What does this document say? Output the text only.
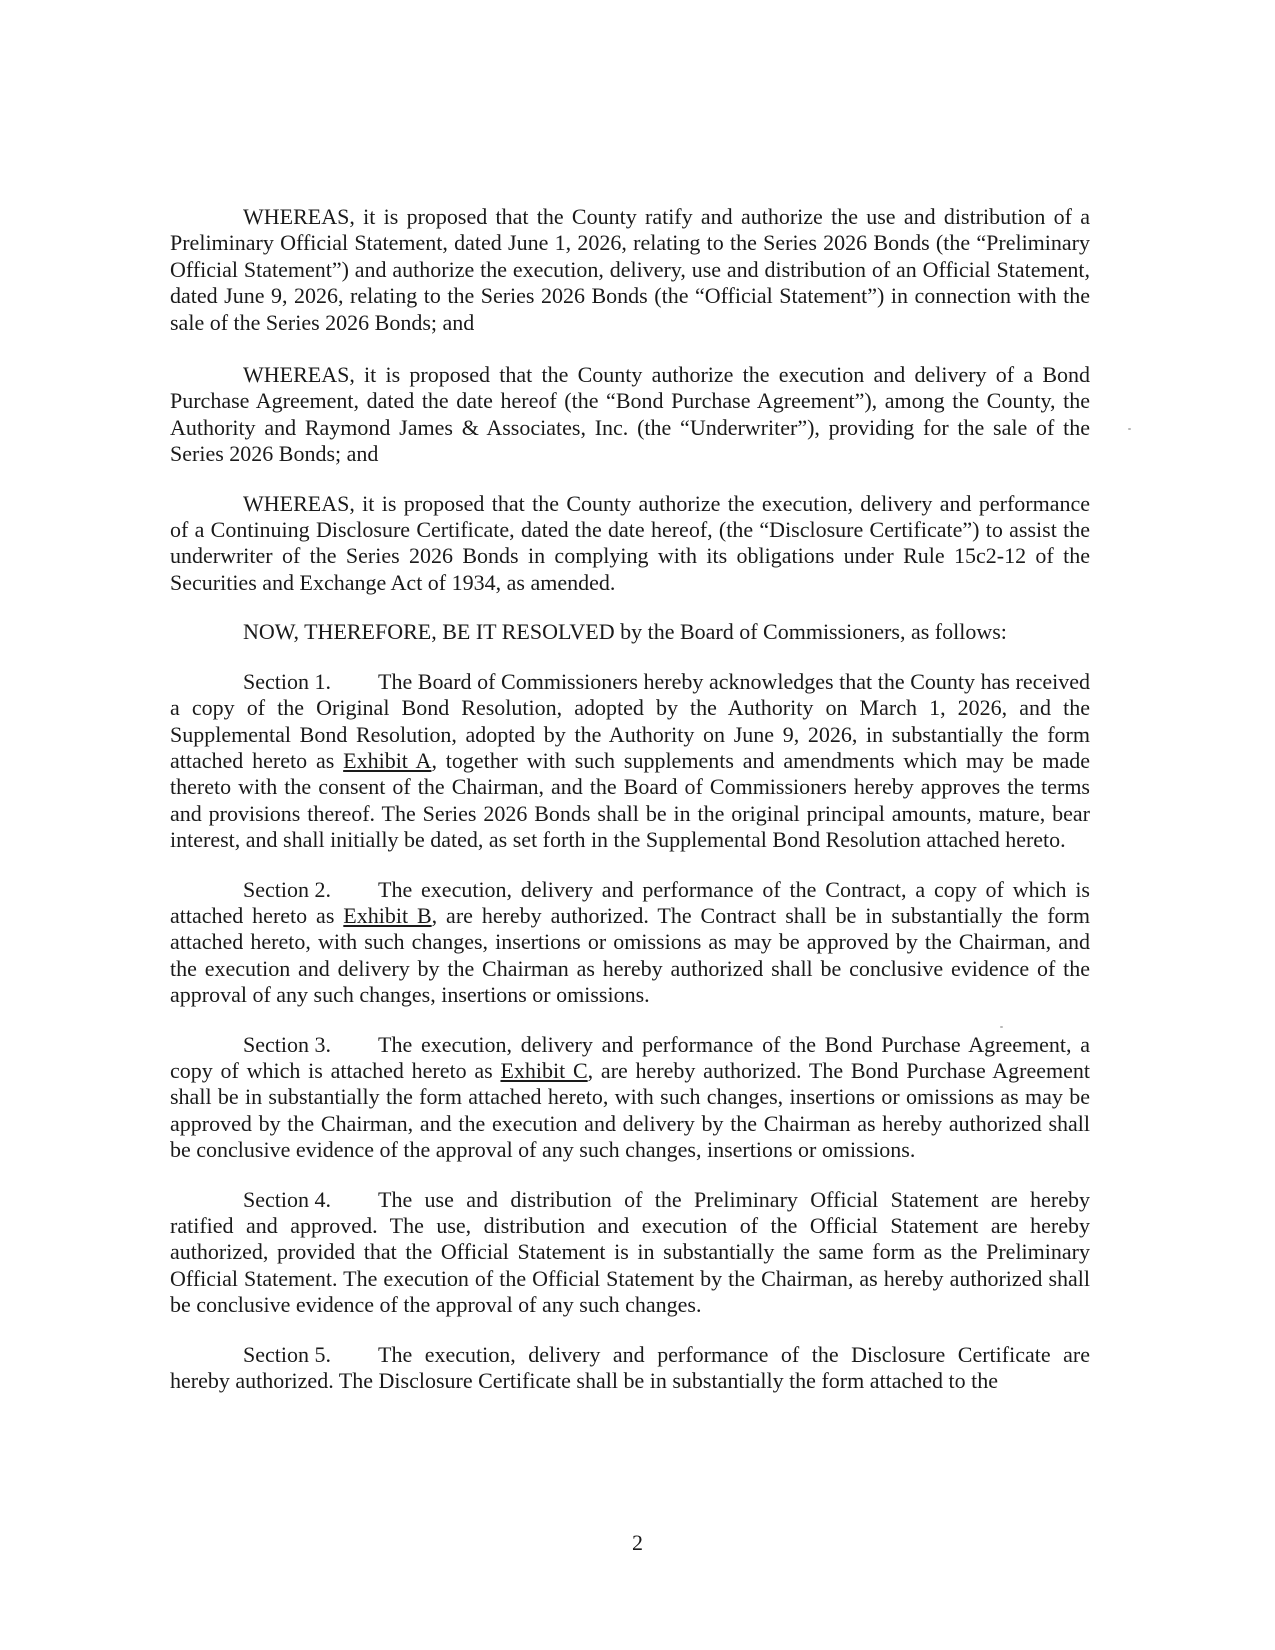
WHEREAS, it is proposed that the County ratify and authorize the use and distribution of a Preliminary Official Statement, dated June 1, 2026, relating to the Series 2026 Bonds (the “Preliminary Official Statement”) and authorize the execution, delivery, use and distribution of an Official Statement, dated June 9, 2026, relating to the Series 2026 Bonds (the “Official Statement”) in connection with the sale of the Series 2026 Bonds; and

WHEREAS, it is proposed that the County authorize the execution and delivery of a Bond Purchase Agreement, dated the date hereof (the “Bond Purchase Agreement”), among the County, the Authority and Raymond James & Associates, Inc. (the “Underwriter”), providing for the sale of the Series 2026 Bonds; and

WHEREAS, it is proposed that the County authorize the execution, delivery and performance of a Continuing Disclosure Certificate, dated the date hereof, (the “Disclosure Certificate”) to assist the underwriter of the Series 2026 Bonds in complying with its obligations under Rule 15c2-12 of the Securities and Exchange Act of 1934, as amended.

NOW, THEREFORE, BE IT RESOLVED by the Board of Commissioners, as follows:

Section 1. The Board of Commissioners hereby acknowledges that the County has received a copy of the Original Bond Resolution, adopted by the Authority on March 1, 2026, and the Supplemental Bond Resolution, adopted by the Authority on June 9, 2026, in substantially the form attached hereto as Exhibit A, together with such supplements and amendments which may be made thereto with the consent of the Chairman, and the Board of Commissioners hereby approves the terms and provisions thereof. The Series 2026 Bonds shall be in the original principal amounts, mature, bear interest, and shall initially be dated, as set forth in the Supplemental Bond Resolution attached hereto.

Section 2. The execution, delivery and performance of the Contract, a copy of which is attached hereto as Exhibit B, are hereby authorized. The Contract shall be in substantially the form attached hereto, with such changes, insertions or omissions as may be approved by the Chairman, and the execution and delivery by the Chairman as hereby authorized shall be conclusive evidence of the approval of any such changes, insertions or omissions.

Section 3. The execution, delivery and performance of the Bond Purchase Agreement, a copy of which is attached hereto as Exhibit C, are hereby authorized. The Bond Purchase Agreement shall be in substantially the form attached hereto, with such changes, insertions or omissions as may be approved by the Chairman, and the execution and delivery by the Chairman as hereby authorized shall be conclusive evidence of the approval of any such changes, insertions or omissions.

Section 4. The use and distribution of the Preliminary Official Statement are hereby ratified and approved. The use, distribution and execution of the Official Statement are hereby authorized, provided that the Official Statement is in substantially the same form as the Preliminary Official Statement. The execution of the Official Statement by the Chairman, as hereby authorized shall be conclusive evidence of the approval of any such changes.

Section 5. The execution, delivery and performance of the Disclosure Certificate are hereby authorized. The Disclosure Certificate shall be in substantially the form attached to the

2
